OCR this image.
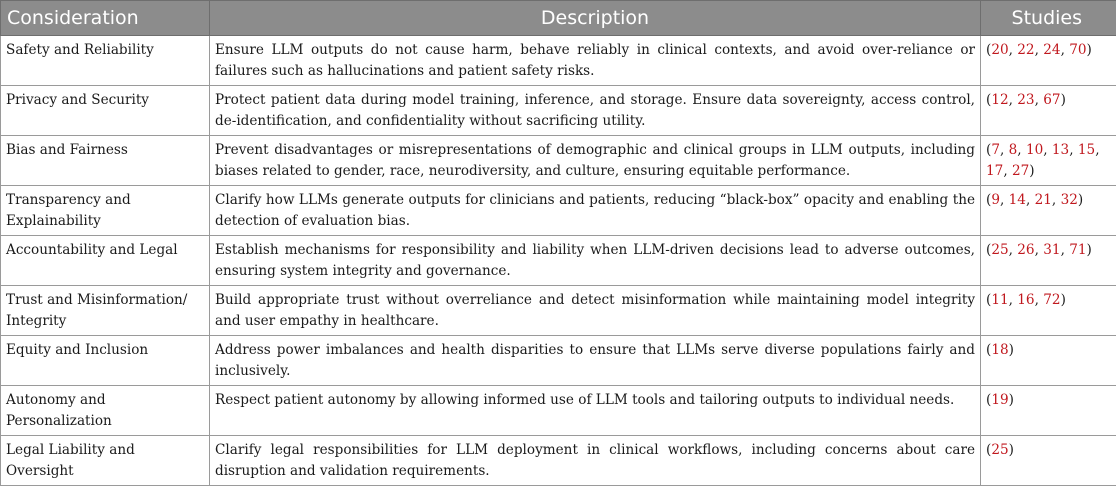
Consideration	Description	Studies
Safety and Reliability	Ensure LLM outputs do not cause harm, behave reliably in clinical contexts, and avoid over-reliance or failures such as hallucinations and patient safety risks.	(20, 22, 24, 70)
Privacy and Security	Protect patient data during model training, inference, and storage. Ensure data sovereignty, access control, de-identification, and confidentiality without sacrificing utility.	(12, 23, 67)
Bias and Fairness	Prevent disadvantages or misrepresentations of demographic and clinical groups in LLM outputs, including biases related to gender, race, neurodiversity, and culture, ensuring equitable performance.	(7, 8, 10, 13, 15, 17, 27)
Transparency and Explainability	Clarify how LLMs generate outputs for clinicians and patients, reducing “black-box” opacity and enabling the detection of evaluation bias.	(9, 14, 21, 32)
Accountability and Legal	Establish mechanisms for responsibility and liability when LLM-driven decisions lead to adverse outcomes, ensuring system integrity and governance.	(25, 26, 31, 71)
Trust and Misinformation/ Integrity	Build appropriate trust without overreliance and detect misinformation while maintaining model integrity and user empathy in healthcare.	(11, 16, 72)
Equity and Inclusion	Address power imbalances and health disparities to ensure that LLMs serve diverse populations fairly and inclusively.	(18)
Autonomy and Personalization	Respect patient autonomy by allowing informed use of LLM tools and tailoring outputs to individual needs.	(19)
Legal Liability and Oversight	Clarify legal responsibilities for LLM deployment in clinical workflows, including concerns about care disruption and validation requirements.	(25)
